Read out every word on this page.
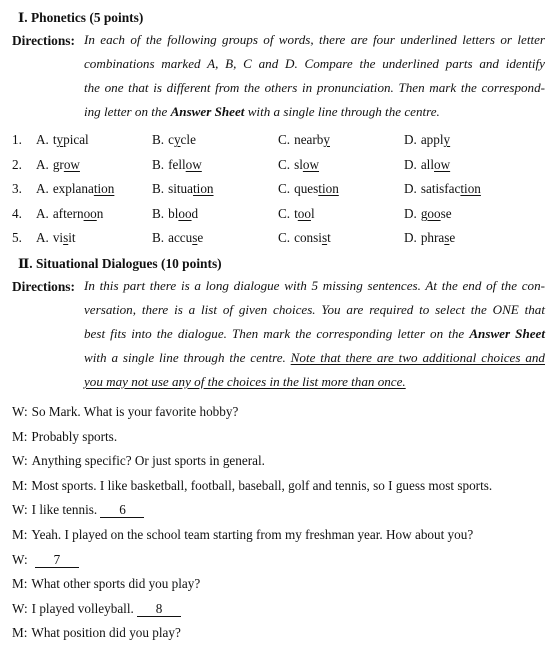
Ⅰ. Phonetics (5 points)
Directions: In each of the following groups of words, there are four underlined letters or letter
combinations marked A, B, C and D. Compare the underlined parts and identify
the one that is different from the others in pronunciation. Then mark the correspond-
ing letter on the Answer Sheet with a single line through the centre.
1. A. typical	B. cycle	C. nearby	D. apply
2. A. grow	B. fellow	C. slow	D. allow
3. A. explanation	B. situation	C. question	D. satisfaction
4. A. afternoon	B. blood	C. tool	D. goose
5. A. visit	B. accuse	C. consist	D. phrase
Ⅱ. Situational Dialogues (10 points)
Directions: In this part there is a long dialogue with 5 missing sentences. At the end of the con-
versation, there is a list of given choices. You are required to select the ONE that
best fits into the dialogue. Then mark the corresponding letter on the Answer Sheet
with a single line through the centre. Note that there are two additional choices and
you may not use any of the choices in the list more than once.
W: So Mark. What is your favorite hobby?
M: Probably sports.
W: Anything specific? Or just sports in general.
M: Most sports. I like basketball, football, baseball, golf and tennis, so I guess most sports.
W: I like tennis. 6
M: Yeah. I played on the school team starting from my freshman year. How about you?
W: 7
M: What other sports did you play?
W: I played volleyball. 8
M: What position did you play?
